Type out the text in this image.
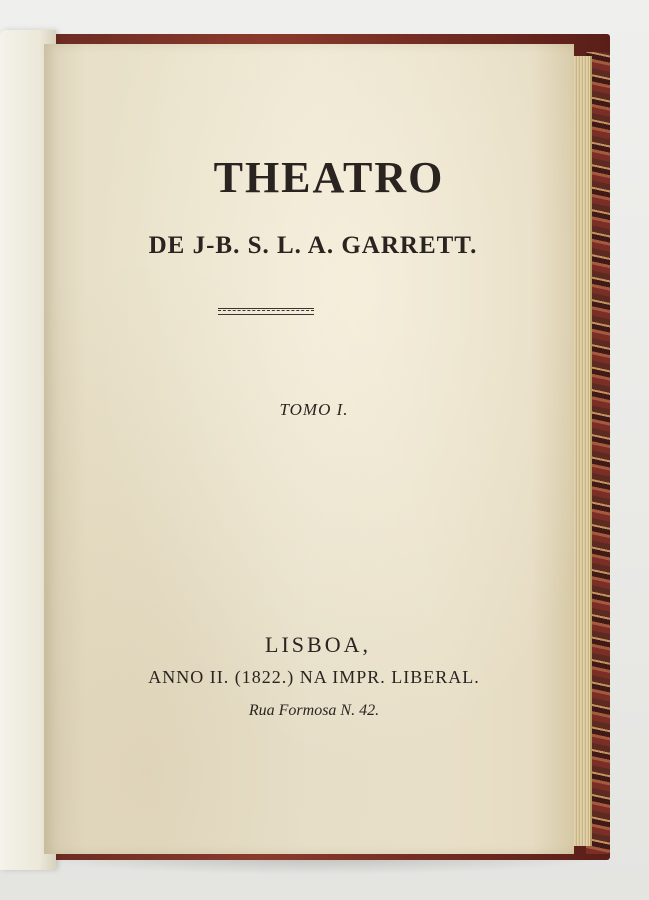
THEATRO
DE J-B. S. L. A. GARRETT.
TOMO I.
LISBOA,
ANNO II. (1822.) NA IMPR. LIBERAL.
Rua Formosa N. 42.
